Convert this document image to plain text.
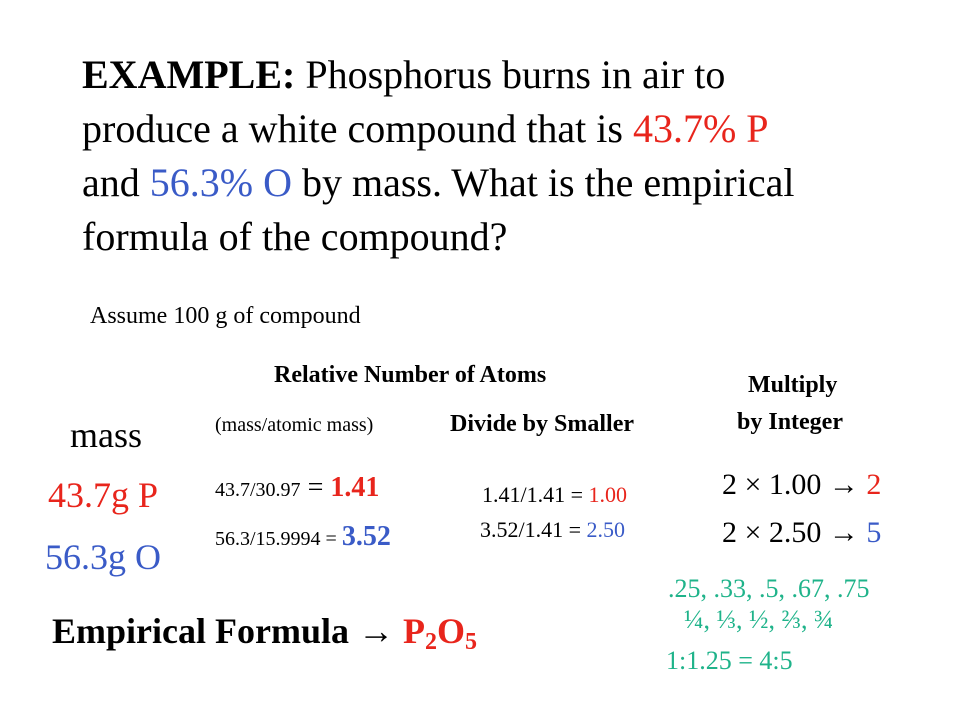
EXAMPLE: Phosphorus burns in air to
produce a white compound that is 43.7% P
and 56.3% O by mass. What is the empirical
formula of the compound?
Assume 100 g of compound
Relative Number of Atoms	Multiply
by Integer
(mass/atomic mass)	Divide by Smaller
mass
43.7g P
56.3g O
43.7/30.97 = 1.41
56.3/15.9994 = 3.52
1.41/1.41 = 1.00
3.52/1.41 = 2.50
2 × 1.00 → 2
2 × 2.50 → 5
.25, .33, .5, .67, .75
¼, ⅓, ½, ⅔, ¾
1:1.25 = 4:5
Empirical Formula → $P_2O_5$
